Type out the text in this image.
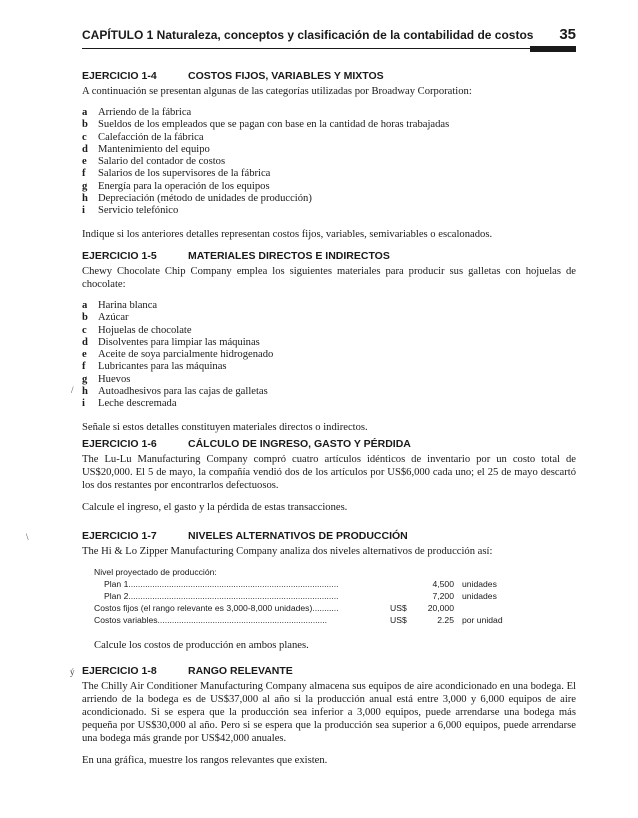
CAPÍTULO 1 Naturaleza, conceptos y clasificación de la contabilidad de costos 35
EJERCICIO 1-4	COSTOS FIJOS, VARIABLES Y MIXTOS
A continuación se presentan algunas de las categorías utilizadas por Broadway Corporation:
a	Arriendo de la fábrica
b Sueldos de los empleados que se pagan con base en la cantidad de horas trabajadas
c	Calefacción de la fábrica
d Mantenimiento del equipo
e	Salario del contador de costos
f	Salarios de los supervisores de la fábrica
g	Energía para la operación de los equipos
h Depreciación (método de unidades de producción)
i	Servicio telefónico
Indique si los anteriores detalles representan costos fijos, variables, semivariables o escalonados.
EJERCICIO 1-5	MATERIALES DIRECTOS E INDIRECTOS
Chewy Chocolate Chip Company emplea los siguientes materiales para producir sus galletas con hojuelas de chocolate:
a	Harina blanca
b Azúcar
c	Hojuelas de chocolate
d Disolventes para limpiar las máquinas
e	Aceite de soya parcialmente hidrogenado
f	Lubricantes para las máquinas
g	Huevos
h Autoadhesivos para las cajas de galletas
i	Leche descremada
Señale si estos detalles constituyen materiales directos o indirectos.
EJERCICIO 1-6	CÁLCULO DE INGRESO, GASTO Y PÉRDIDA
The Lu-Lu Manufacturing Company compró cuatro artículos idénticos de inventario por un costo total de US$20,000. El 5 de mayo, la compañía vendió dos de los artículos por US$6,000 cada uno; el 25 de mayo descartó los dos restantes por encontrarlos defectuosos.
Calcule el ingreso, el gasto y la pérdida de estas transacciones.
EJERCICIO 1-7	NIVELES ALTERNATIVOS DE PRODUCCIÓN
The Hi & Lo Zipper Manufacturing Company analiza dos niveles alternativos de producción así:
Nivel proyectado de producción:
Plan 1........................................................................................	4,500 unidades
Plan 2........................................................................................	7,200 unidades
Costos fijos (el rango relevante es 3,000-8,000 unidades)...........	US$	20,000
Costos variables.......................................................................	US$	2.25 por unidad
Calcule los costos de producción en ambos planes.
EJERCICIO 1-8	RANGO RELEVANTE
The Chilly Air Conditioner Manufacturing Company almacena sus equipos de aire acondicionado en una bodega. El arriendo de la bodega es de US$37,000 al año si la producción anual está entre 3,000 y 6,000 equipos de aire acondicionado. Si se espera que la producción sea inferior a 3,000 equipos, puede arrendarse una bodega más pequeña por US$30,000 al año. Pero si se espera que la producción sea superior a 6,000 equipos, puede arrendarse una bodega más grande por US$42,000 anuales.
En una gráfica, muestre los rangos relevantes que existen.
\
/
ý
